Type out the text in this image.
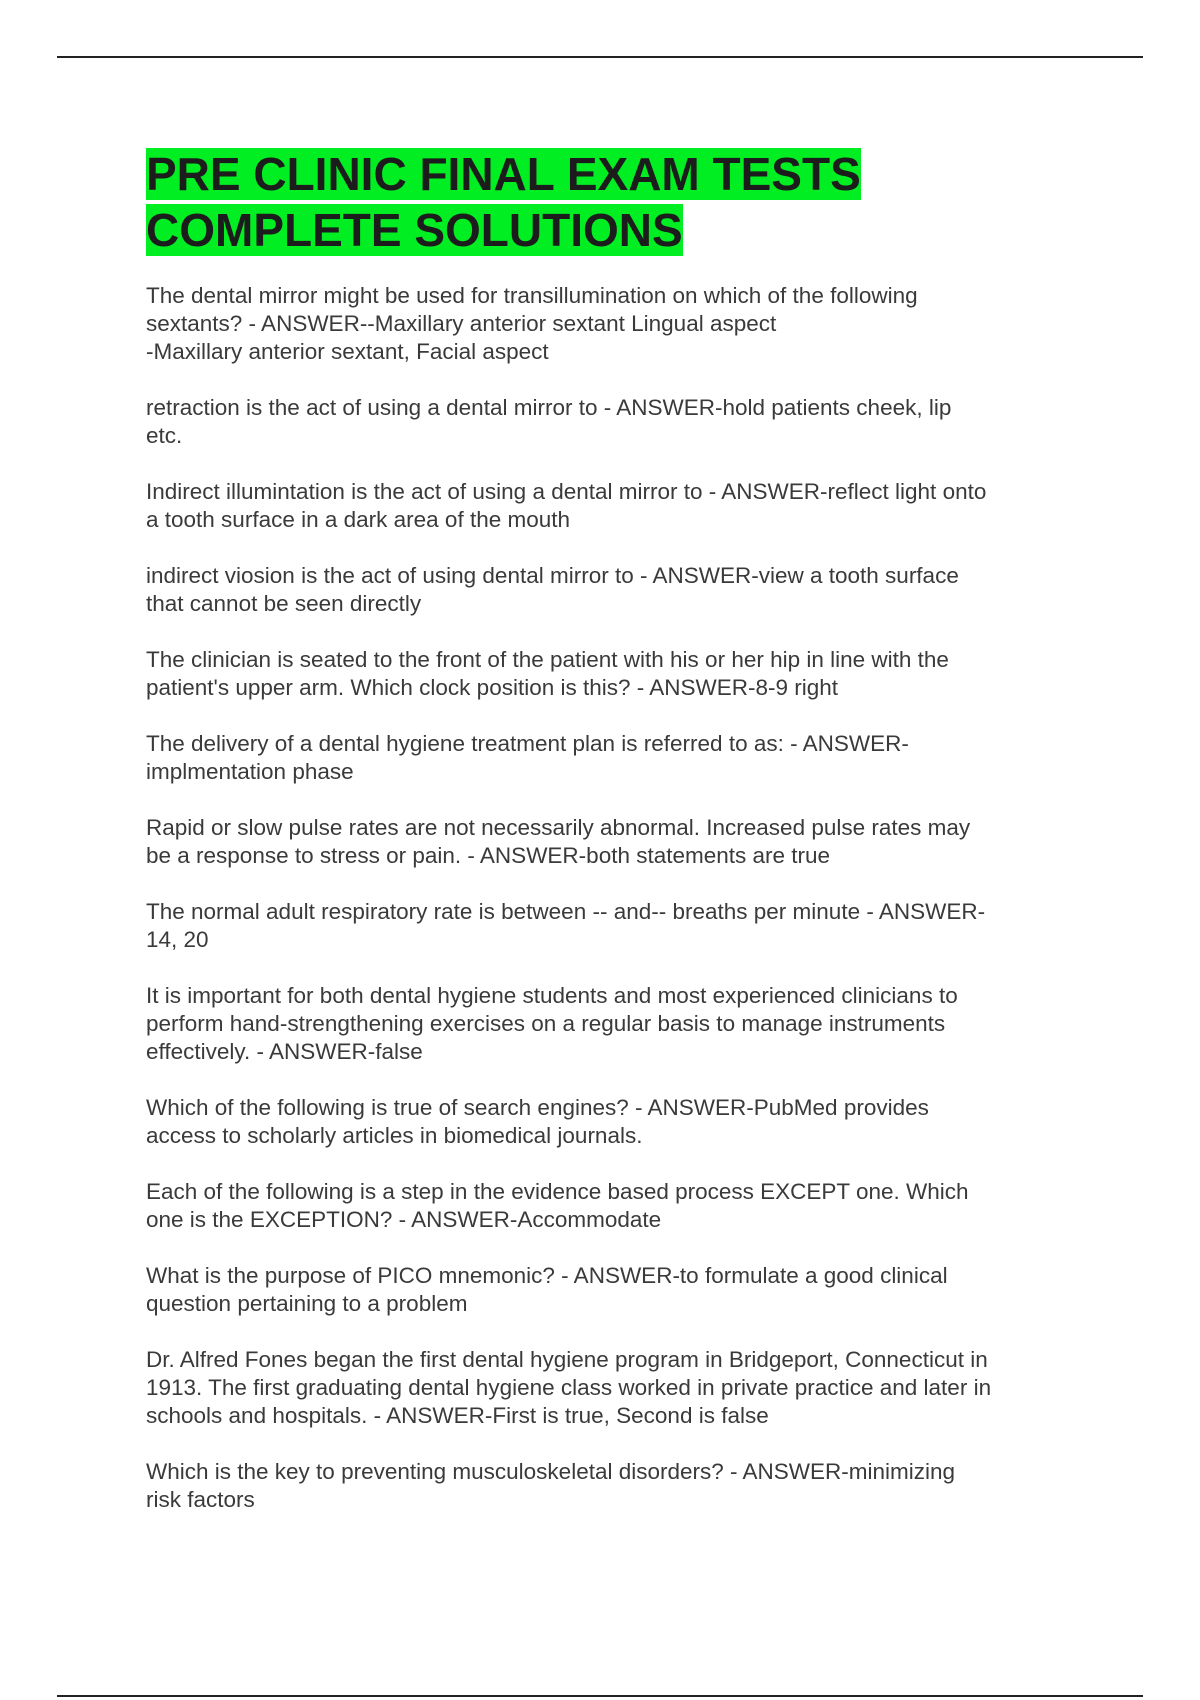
PRE CLINIC FINAL EXAM TESTS
COMPLETE SOLUTIONS

The dental mirror might be used for transillumination on which of the following
sextants? - ANSWER--Maxillary anterior sextant Lingual aspect
-Maxillary anterior sextant, Facial aspect

retraction is the act of using a dental mirror to - ANSWER-hold patients cheek, lip
etc.

Indirect illumintation is the act of using a dental mirror to - ANSWER-reflect light onto
a tooth surface in a dark area of the mouth

indirect viosion is the act of using dental mirror to - ANSWER-view a tooth surface
that cannot be seen directly

The clinician is seated to the front of the patient with his or her hip in line with the
patient's upper arm. Which clock position is this? - ANSWER-8-9 right

The delivery of a dental hygiene treatment plan is referred to as: - ANSWER-
implmentation phase

Rapid or slow pulse rates are not necessarily abnormal. Increased pulse rates may
be a response to stress or pain. - ANSWER-both statements are true

The normal adult respiratory rate is between -- and-- breaths per minute - ANSWER-
14, 20

It is important for both dental hygiene students and most experienced clinicians to
perform hand-strengthening exercises on a regular basis to manage instruments
effectively. - ANSWER-false

Which of the following is true of search engines? - ANSWER-PubMed provides
access to scholarly articles in biomedical journals.

Each of the following is a step in the evidence based process EXCEPT one. Which
one is the EXCEPTION? - ANSWER-Accommodate

What is the purpose of PICO mnemonic? - ANSWER-to formulate a good clinical
question pertaining to a problem

Dr. Alfred Fones began the first dental hygiene program in Bridgeport, Connecticut in
1913. The first graduating dental hygiene class worked in private practice and later in
schools and hospitals. - ANSWER-First is true, Second is false

Which is the key to preventing musculoskeletal disorders? - ANSWER-minimizing
risk factors
